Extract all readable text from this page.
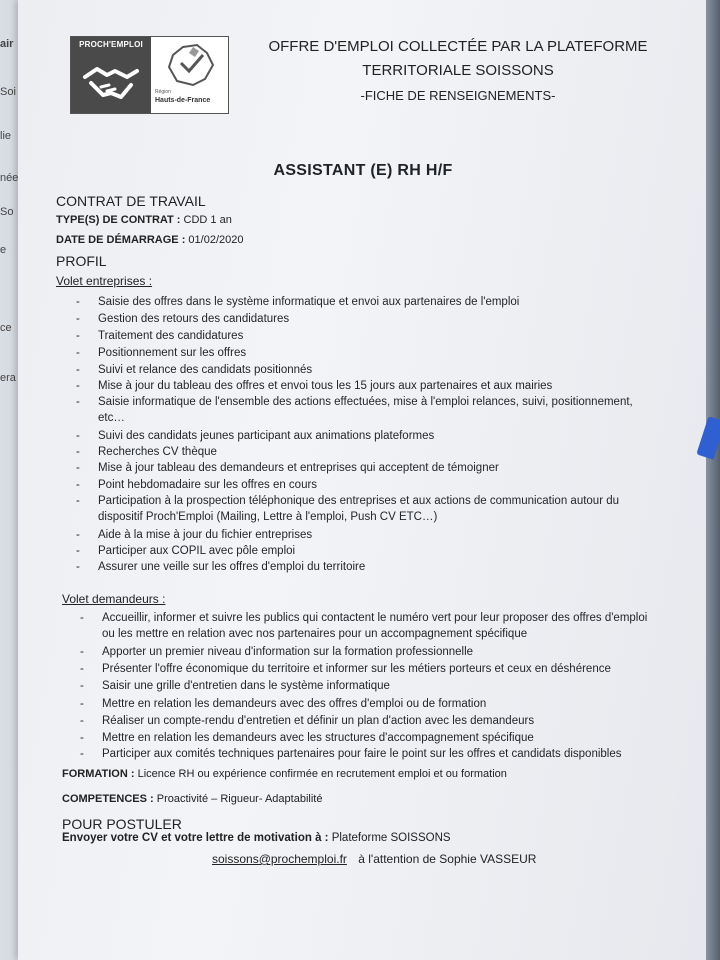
air
Soi
lie
née
So
e
ce
era
PROCH'EMPLOI
Région
Hauts-de-France
OFFRE D'EMPLOI COLLECTÉE PAR LA PLATEFORME
TERRITORIALE SOISSONS
-FICHE DE RENSEIGNEMENTS-
ASSISTANT (E) RH H/F
CONTRAT DE TRAVAIL
TYPE(S) DE CONTRAT : CDD 1 an
DATE DE DÉMARRAGE : 01/02/2020
PROFIL
Volet entreprises :
- Saisie des offres dans le système informatique et envoi aux partenaires de l'emploi
- Gestion des retours des candidatures
- Traitement des candidatures
- Positionnement sur les offres
- Suivi et relance des candidats positionnés
- Mise à jour du tableau des offres et envoi tous les 15 jours aux partenaires et aux mairies
- Saisie informatique de l'ensemble des actions effectuées, mise à l'emploi relances, suivi, positionnement,
etc…
- Suivi des candidats jeunes participant aux animations plateformes
- Recherches CV thèque
- Mise à jour tableau des demandeurs et entreprises qui acceptent de témoigner
- Point hebdomadaire sur les offres en cours
- Participation à la prospection téléphonique des entreprises et aux actions de communication autour du
dispositif Proch'Emploi (Mailing, Lettre à l'emploi, Push CV ETC…)
- Aide à la mise à jour du fichier entreprises
- Participer aux COPIL avec pôle emploi
- Assurer une veille sur les offres d'emploi du territoire
Volet demandeurs :
- Accueillir, informer et suivre les publics qui contactent le numéro vert pour leur proposer des offres d'emploi
ou les mettre en relation avec nos partenaires pour un accompagnement spécifique
- Apporter un premier niveau d'information sur la formation professionnelle
- Présenter l'offre économique du territoire et informer sur les métiers porteurs et ceux en déshérence
- Saisir une grille d'entretien dans le système informatique
- Mettre en relation les demandeurs avec des offres d'emploi ou de formation
- Réaliser un compte-rendu d'entretien et définir un plan d'action avec les demandeurs
- Mettre en relation les demandeurs avec les structures d'accompagnement spécifique
- Participer aux comités techniques partenaires pour faire le point sur les offres et candidats disponibles
FORMATION : Licence RH ou expérience confirmée en recrutement emploi et ou formation
COMPETENCES : Proactivité – Rigueur- Adaptabilité
POUR POSTULER
Envoyer votre CV et votre lettre de motivation à : Plateforme SOISSONS
soissons@prochemploi.fr à l'attention de Sophie VASSEUR
